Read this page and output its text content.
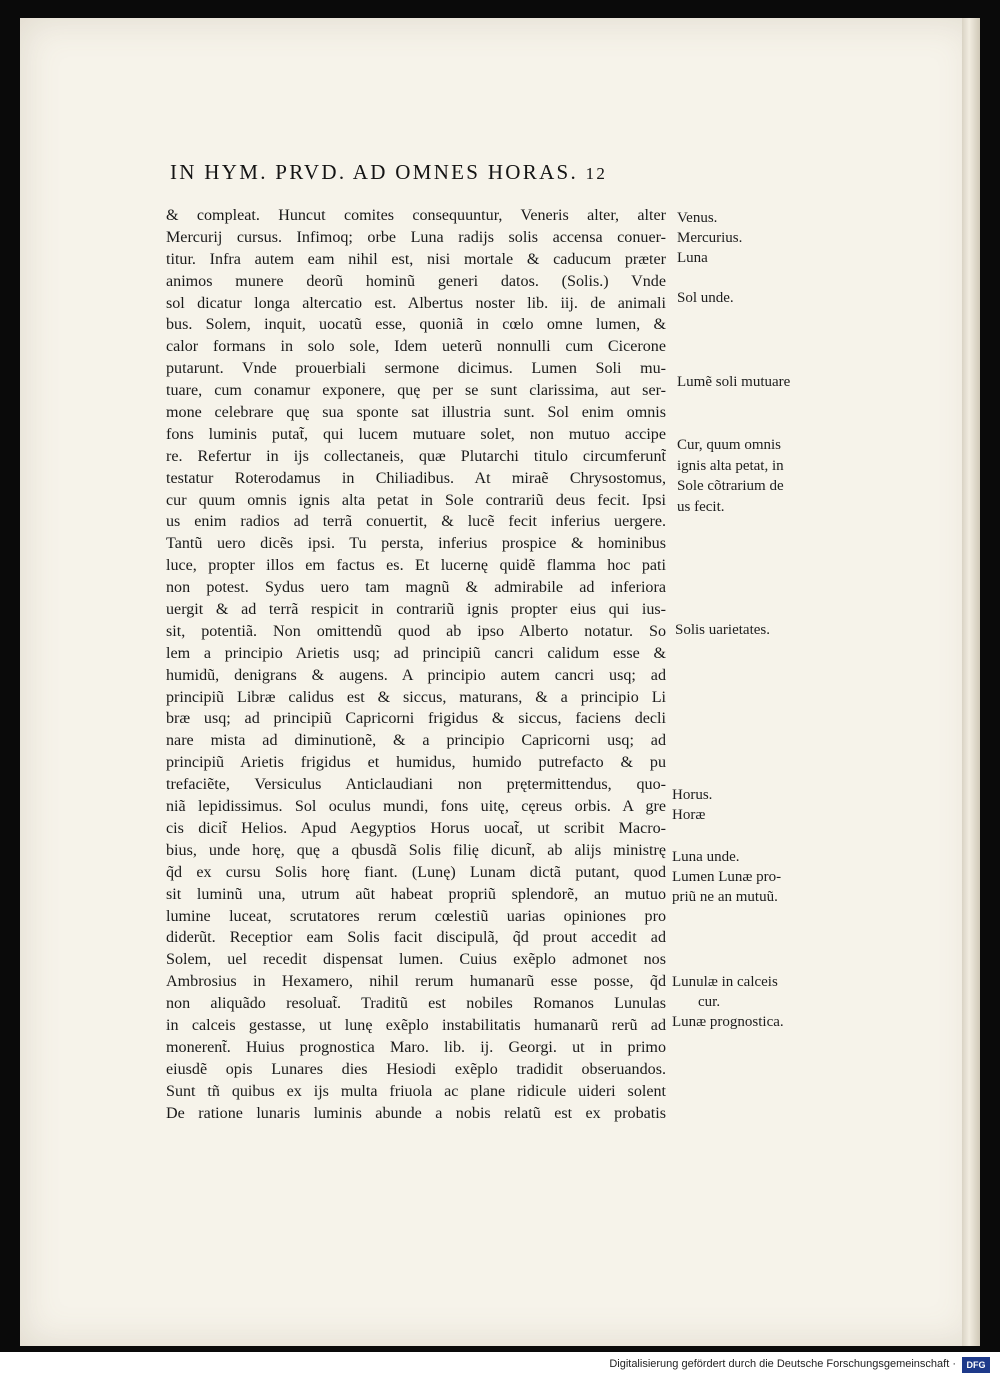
IN HYM. PRVD. AD OMNES HORAS. 12
& compleat. Huncut comites consequuntur, Veneris alter, alter
Mercurij cursus. Infimoq; orbe Luna radijs solis accensa conuer-
titur. Infra autem eam nihil est, nisi mortale & caducum præter
animos munere deorũ hominũ generi datos. (Solis.) Vnde
sol dicatur longa altercatio est. Albertus noster lib. iij. de animali
bus. Solem, inquit, uocatũ esse, quoniã in cœlo omne lumen, &
calor formans in solo sole, Idem ueterũ nonnulli cum Cicerone
putarunt. Vnde prouerbiali sermone dicimus. Lumen Soli mu-
tuare, cum conamur exponere, quę per se sunt clarissima, aut ser-
mone celebrare quę sua sponte sat illustria sunt. Sol enim omnis
fons luminis putat̃, qui lucem mutuare solet, non mutuo accipe
re. Refertur in ijs collectaneis, quæ Plutarchi titulo circumferunt̃
testatur Roterodamus in Chiliadibus. At miraẽ Chrysostomus,
cur quum omnis ignis alta petat in Sole contrariũ deus fecit. Ipsi
us enim radios ad terrã conuertit, & lucẽ fecit inferius uergere.
Tantũ uero dicẽs ipsi. Tu persta, inferius prospice & hominibus
luce, propter illos em factus es. Et lucernę quidẽ flamma hoc pati
non potest. Sydus uero tam magnũ & admirabile ad inferiora
uergit & ad terrã respicit in contrariũ ignis propter eius qui ius-
sit, potentiã. Non omittendũ quod ab ipso Alberto notatur. So
lem a principio Arietis usq; ad principiũ cancri calidum esse &
humidũ, denigrans & augens. A principio autem cancri usq; ad
principiũ Libræ calidus est & siccus, maturans, & a principio Li
bræ usq; ad principiũ Capricorni frigidus & siccus, faciens decli
nare mista ad diminutionẽ, & a principio Capricorni usq; ad
principiũ Arietis frigidus et humidus, humido putrefacto & pu
trefaciẽte, Versiculus Anticlaudiani non prętermittendus, quo-
niã lepidissimus. Sol oculus mundi, fons uitę, cęreus orbis. A gre
cis dicit̃ Helios. Apud Aegyptios Horus uocat̃, ut scribit Macro-
bius, unde horę, quę a qbusdã Solis filię dicunt̃, ab alijs ministrę
q̃d ex cursu Solis horę fiant. (Lunę) Lunam dictã putant, quod
sit luminũ una, utrum aũt habeat propriũ splendorẽ, an mutuo
lumine luceat, scrutatores rerum cœlestiũ uarias opiniones pro
diderũt. Receptior eam Solis facit discipulã, q̃d prout accedit ad
Solem, uel recedit dispensat lumen. Cuius exẽplo admonet nos
Ambrosius in Hexamero, nihil rerum humanarũ esse posse, q̃d
non aliquãdo resoluat̃. Traditũ est nobiles Romanos Lunulas
in calceis gestasse, ut lunę exẽplo instabilitatis humanarũ rerũ ad
monerent̃. Huius prognostica Maro. lib. ij. Georgi. ut in primo
eiusdẽ opis Lunares dies Hesiodi exẽplo tradidit obseruandos.
Sunt tñ quibus ex ijs multa friuola ac plane ridicule uideri solent
De ratione lunaris luminis abunde a nobis relatũ est ex probatis
Venus.
Mercurius.
Luna
Sol unde.
Lumẽ soli mutuare
Cur, quum omnis
ignis alta petat, in
Sole cõtrarium de
us fecit.
Solis uarietates.
Horus.
Horæ
Luna unde.
Lumen Lunæ pro-
priũ ne an mutuũ.
Lunulæ in calceis
cur.
Lunæ prognostica.
Digitalisierung gefördert durch die Deutsche Forschungsgemeinschaft ·	DFG
